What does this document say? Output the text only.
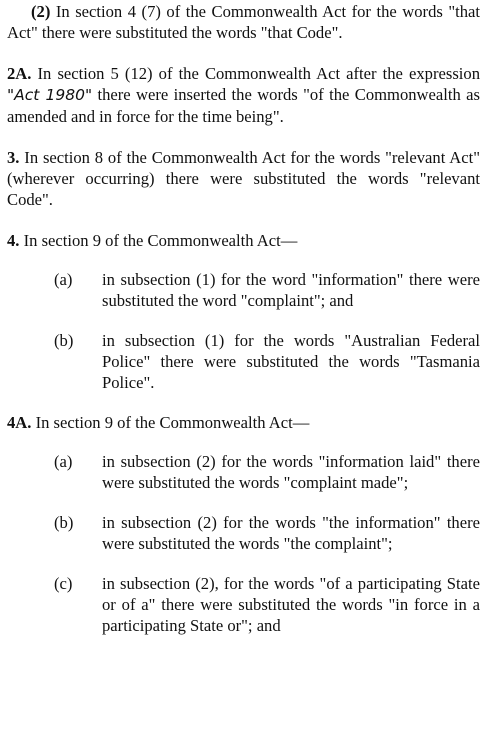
(2) In section 4 (7) of the Commonwealth Act for the words "that Act" there were substituted the words "that Code".

2A. In section 5 (12) of the Commonwealth Act after the expression "Act 1980" there were inserted the words "of the Commonwealth as amended and in force for the time being".

3. In section 8 of the Commonwealth Act for the words "relevant Act" (wherever occurring) there were substituted the words "relevant Code".

4. In section 9 of the Commonwealth Act—

(a)	in subsection (1) for the word "information" there were substituted the word "complaint"; and
(b)	in subsection (1) for the words "Australian Federal Police" there were substituted the words "Tasmania Police".

4A. In section 9 of the Commonwealth Act—

(a)	in subsection (2) for the words "information laid" there were substituted the words "complaint made";
(b)	in subsection (2) for the words "the information" there were substituted the words "the complaint";
(c)	in subsection (2), for the words "of a participating State or of a" there were substituted the words "in force in a participating State or"; and
